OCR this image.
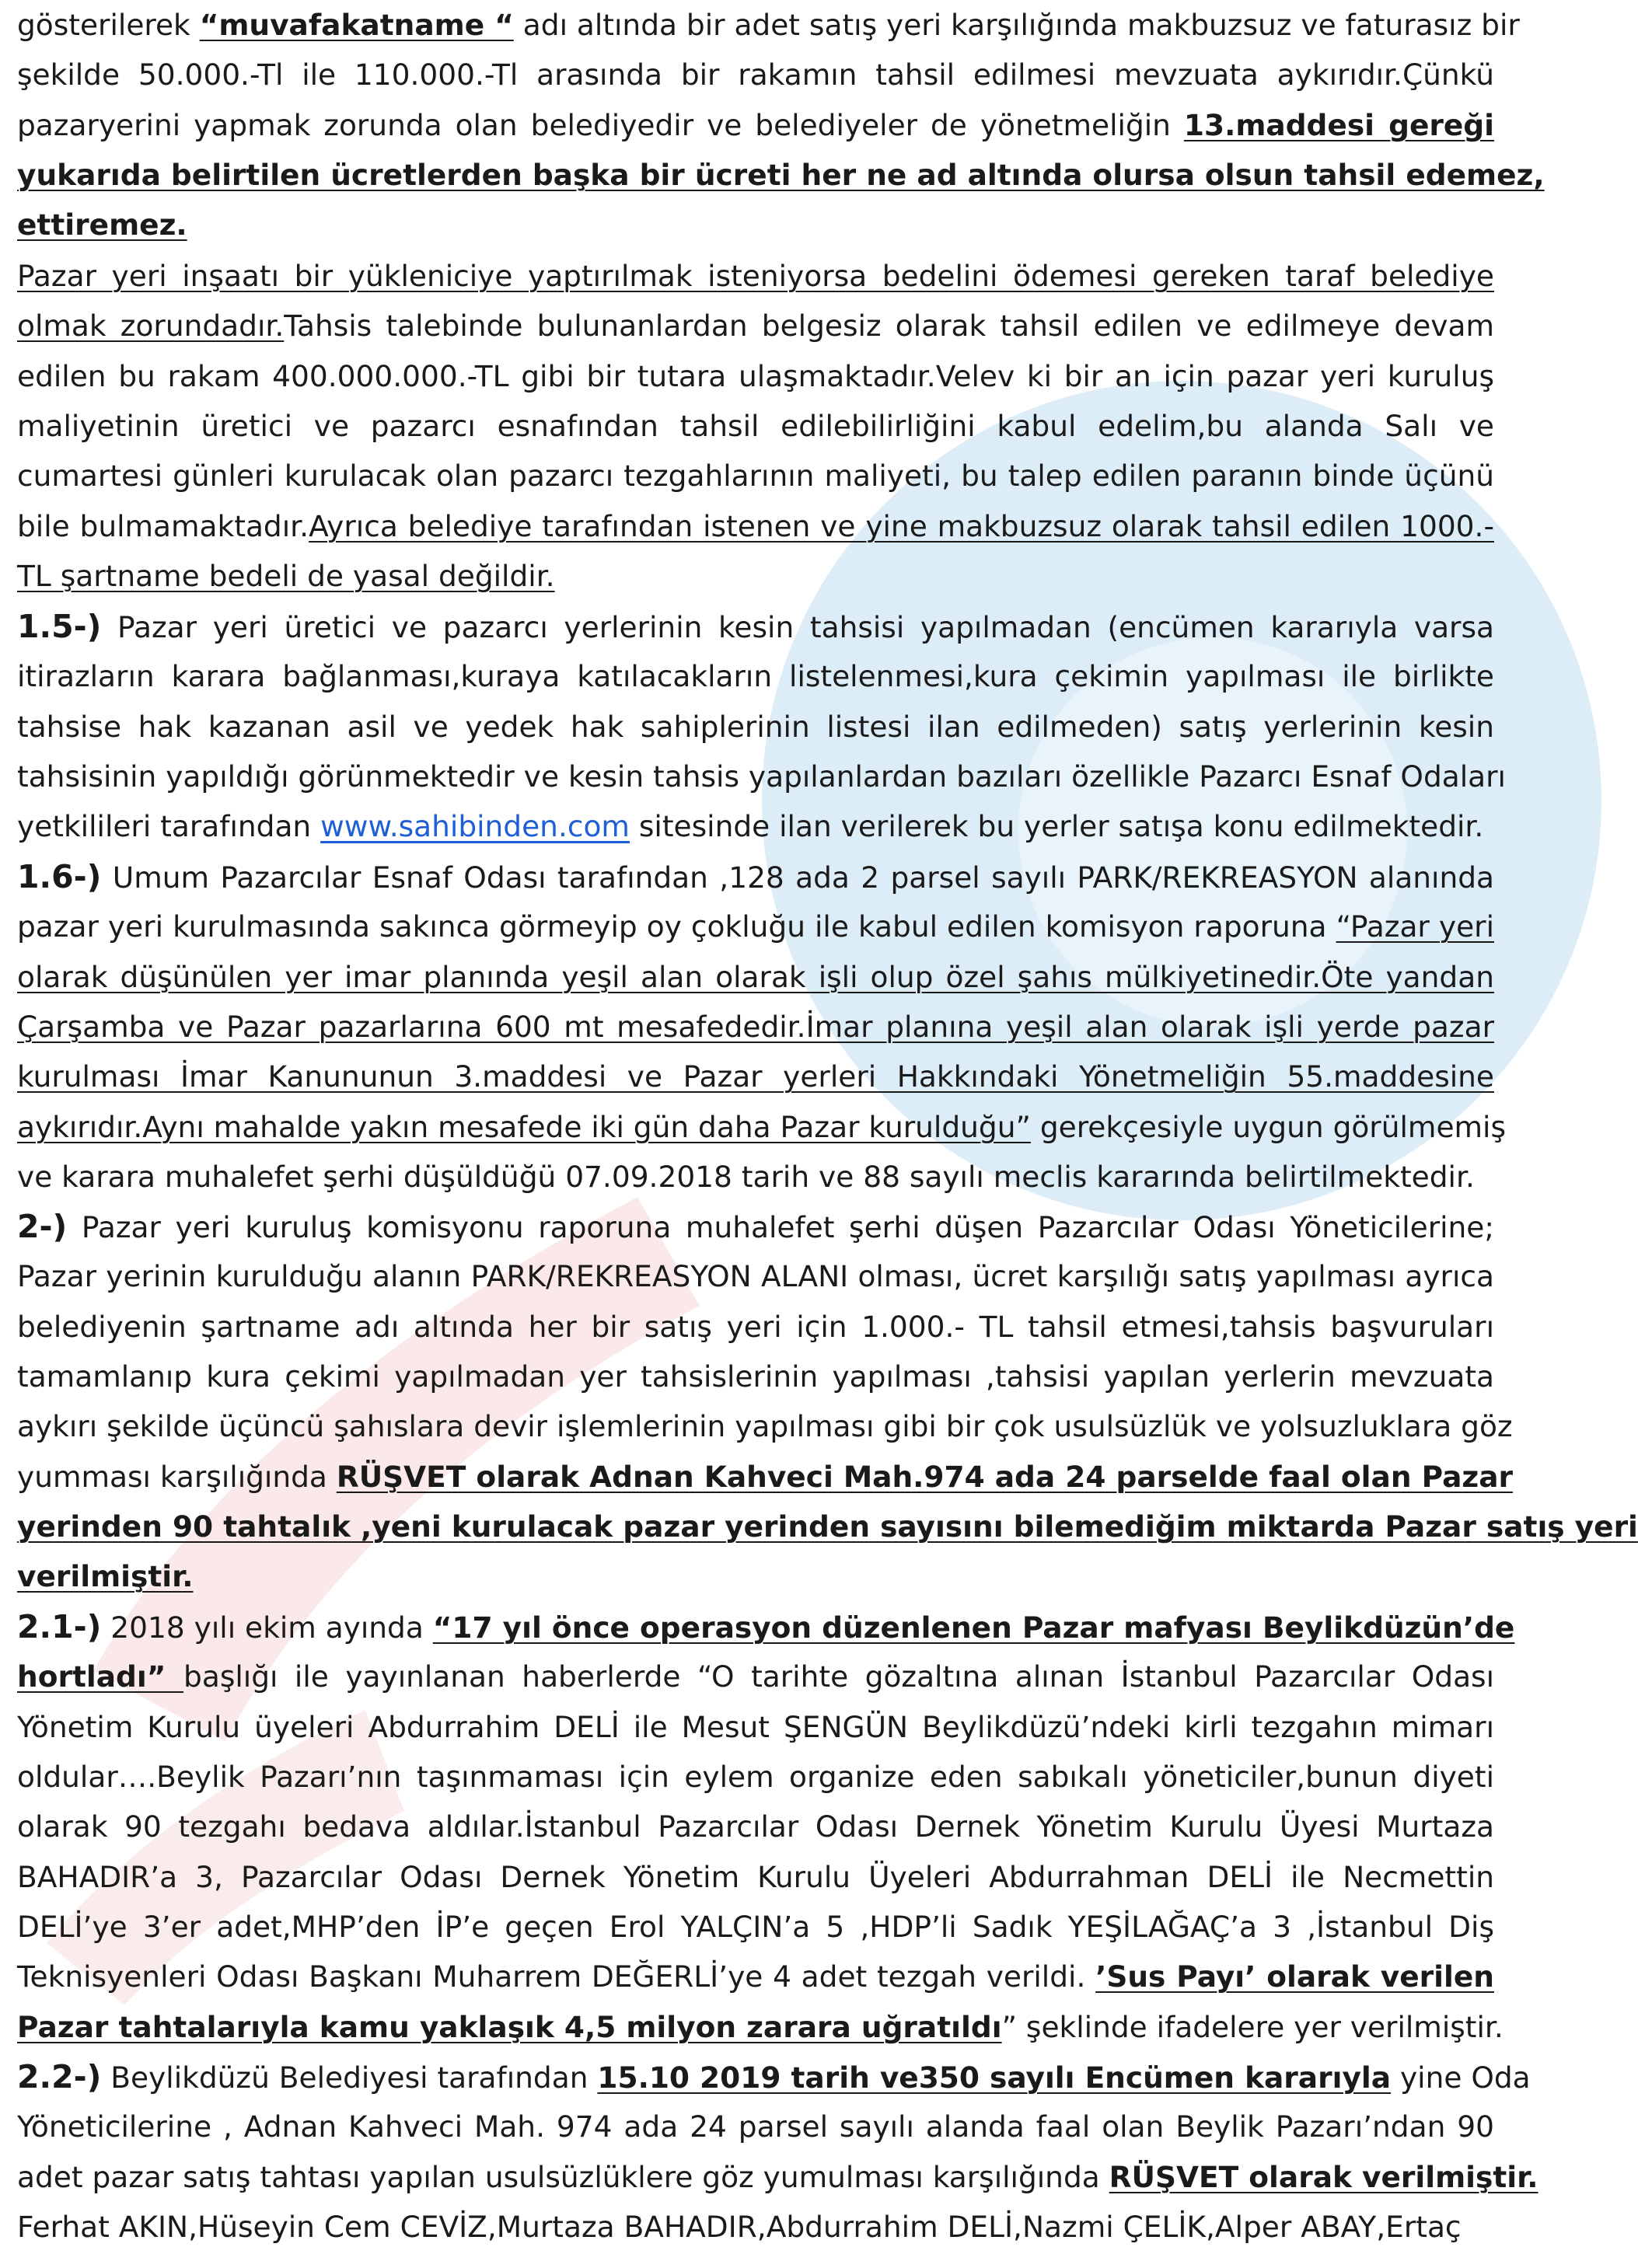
gösterilerek “muvafakatname “ adı altında bir adet satış yeri karşılığında makbuzsuz ve faturasız bir
şekilde 50.000.-Tl ile 110.000.-Tl arasında bir rakamın tahsil edilmesi mevzuata aykırıdır.Çünkü
pazaryerini yapmak zorunda olan belediyedir ve belediyeler de yönetmeliğin 13.maddesi gereği
yukarıda belirtilen ücretlerden başka bir ücreti her ne ad altında olursa olsun tahsil edemez,
ettiremez.
Pazar yeri inşaatı bir yükleniciye yaptırılmak isteniyorsa bedelini ödemesi gereken taraf belediye
olmak zorundadır.Tahsis talebinde bulunanlardan belgesiz olarak tahsil edilen ve edilmeye devam
edilen bu rakam 400.000.000.-TL gibi bir tutara ulaşmaktadır.Velev ki bir an için pazar yeri kuruluş
maliyetinin üretici ve pazarcı esnafından tahsil edilebilirliğini kabul edelim,bu alanda Salı ve
cumartesi günleri kurulacak olan pazarcı tezgahlarının maliyeti, bu talep edilen paranın binde üçünü
bile bulmamaktadır.Ayrıca belediye tarafından istenen ve yine makbuzsuz olarak tahsil edilen 1000.-
TL şartname bedeli de yasal değildir.
1.5-) Pazar yeri üretici ve pazarcı yerlerinin kesin tahsisi yapılmadan (encümen kararıyla varsa
itirazların karara bağlanması,kuraya katılacakların listelenmesi,kura çekimin yapılması ile birlikte
tahsise hak kazanan asil ve yedek hak sahiplerinin listesi ilan edilmeden) satış yerlerinin kesin
tahsisinin yapıldığı görünmektedir ve kesin tahsis yapılanlardan bazıları özellikle Pazarcı Esnaf Odaları
yetkilileri tarafından www.sahibinden.com sitesinde ilan verilerek bu yerler satışa konu edilmektedir.
1.6-) Umum Pazarcılar Esnaf Odası tarafından ,128 ada 2 parsel sayılı PARK/REKREASYON alanında
pazar yeri kurulmasında sakınca görmeyip oy çokluğu ile kabul edilen komisyon raporuna “Pazar yeri
olarak düşünülen yer imar planında yeşil alan olarak işli olup özel şahıs mülkiyetinedir.Öte yandan
Çarşamba ve Pazar pazarlarına 600 mt mesafededir.İmar planına yeşil alan olarak işli yerde pazar
kurulması İmar Kanununun 3.maddesi ve Pazar yerleri Hakkındaki Yönetmeliğin 55.maddesine
aykırıdır.Aynı mahalde yakın mesafede iki gün daha Pazar kurulduğu” gerekçesiyle uygun görülmemiş
ve karara muhalefet şerhi düşüldüğü 07.09.2018 tarih ve 88 sayılı meclis kararında belirtilmektedir.
2-) Pazar yeri kuruluş komisyonu raporuna muhalefet şerhi düşen Pazarcılar Odası Yöneticilerine;
Pazar yerinin kurulduğu alanın PARK/REKREASYON ALANI olması, ücret karşılığı satış yapılması ayrıca
belediyenin şartname adı altında her bir satış yeri için 1.000.- TL tahsil etmesi,tahsis başvuruları
tamamlanıp kura çekimi yapılmadan yer tahsislerinin yapılması ,tahsisi yapılan yerlerin mevzuata
aykırı şekilde üçüncü şahıslara devir işlemlerinin yapılması gibi bir çok usulsüzlük ve yolsuzluklara göz
yumması karşılığında RÜŞVET olarak Adnan Kahveci Mah.974 ada 24 parselde faal olan Pazar
yerinden 90 tahtalık ,yeni kurulacak pazar yerinden sayısını bilemediğim miktarda Pazar satış yeri
verilmiştir.
2.1-) 2018 yılı ekim ayında “17 yıl önce operasyon düzenlenen Pazar mafyası Beylikdüzün’de
hortladı” başlığı ile yayınlanan haberlerde “O tarihte gözaltına alınan İstanbul Pazarcılar Odası
Yönetim Kurulu üyeleri Abdurrahim DELİ ile Mesut ŞENGÜN Beylikdüzü’ndeki kirli tezgahın mimarı
oldular….Beylik Pazarı’nın taşınmaması için eylem organize eden sabıkalı yöneticiler,bunun diyeti
olarak 90 tezgahı bedava aldılar.İstanbul Pazarcılar Odası Dernek Yönetim Kurulu Üyesi Murtaza
BAHADIR’a 3, Pazarcılar Odası Dernek Yönetim Kurulu Üyeleri Abdurrahman DELİ ile Necmettin
DELİ’ye 3’er adet,MHP’den İP’e geçen Erol YALÇIN’a 5 ,HDP’li Sadık YEŞİLAĞAÇ’a 3 ,İstanbul Diş
Teknisyenleri Odası Başkanı Muharrem DEĞERLİ’ye 4 adet tezgah verildi. ’Sus Payı’ olarak verilen
Pazar tahtalarıyla kamu yaklaşık 4,5 milyon zarara uğratıldı” şeklinde ifadelere yer verilmiştir.
2.2-) Beylikdüzü Belediyesi tarafından 15.10 2019 tarih ve350 sayılı Encümen kararıyla yine Oda
Yöneticilerine , Adnan Kahveci Mah. 974 ada 24 parsel sayılı alanda faal olan Beylik Pazarı’ndan 90
adet pazar satış tahtası yapılan usulsüzlüklere göz yumulması karşılığında RÜŞVET olarak verilmiştir.
Ferhat AKIN,Hüseyin Cem CEVİZ,Murtaza BAHADIR,Abdurrahim DELİ,Nazmi ÇELİK,Alper ABAY,Ertaç
